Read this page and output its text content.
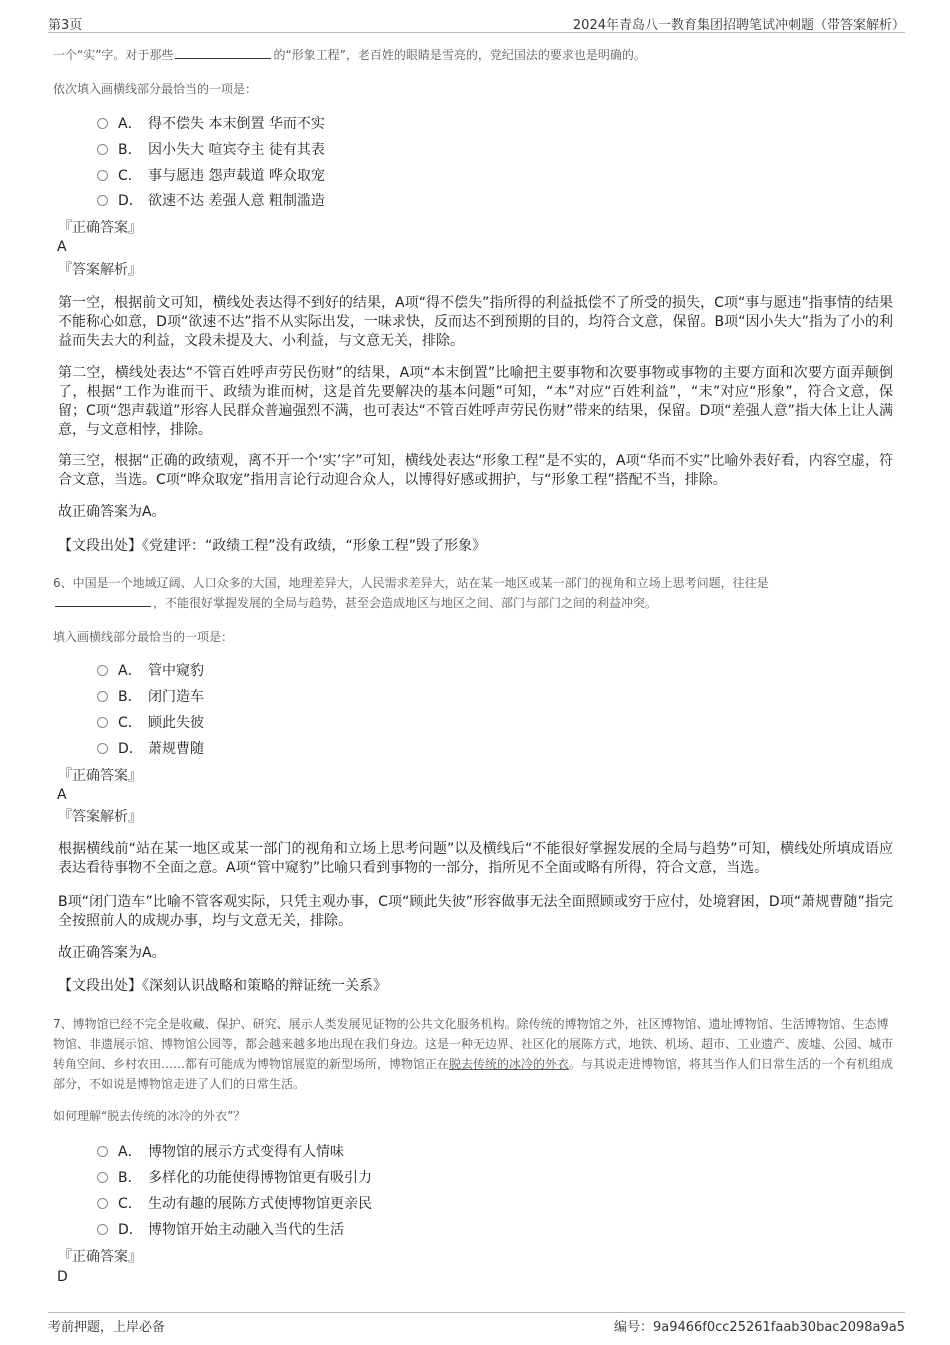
第3页	2024年青岛八一教育集团招聘笔试冲刺题（带答案解析）
一个“实”字。对于那些	的“形象工程”，老百姓的眼睛是雪亮的，党纪国法的要求也是明确的。
依次填入画横线部分最恰当的一项是：
A． 得不偿失 本末倒置 华而不实
B． 因小失大 喧宾夺主 徒有其表
C． 事与愿违 怨声载道 哗众取宠
D． 欲速不达 差强人意 粗制滥造
『正确答案』
A
『答案解析』
第一空，根据前文可知，横线处表达得不到好的结果，A项“得不偿失”指所得的利益抵偿不了所受的损失，C项“事与愿违”指事情的结果不能称心如意，D项“欲速不达”指不从实际出发，一味求快，反而达不到预期的目的，均符合文意，保留。B项“因小失大”指为了小的利益而失去大的利益，文段未提及大、小利益，与文意无关，排除。
第二空，横线处表达“不管百姓呼声劳民伤财”的结果，A项“本末倒置”比喻把主要事物和次要事物或事物的主要方面和次要方面弄颠倒了，根据“工作为谁而干、政绩为谁而树，这是首先要解决的基本问题”可知，“本”对应“百姓利益”，“末”对应“形象”，符合文意，保留；C项“怨声载道”形容人民群众普遍强烈不满，也可表达“不管百姓呼声劳民伤财”带来的结果，保留。D项“差强人意”指大体上让人满意，与文意相悖，排除。
第三空，根据“正确的政绩观，离不开一个‘实’字”可知，横线处表达“形象工程”是不实的，A项“华而不实”比喻外表好看，内容空虚，符合文意，当选。C项“哗众取宠”指用言论行动迎合众人，以博得好感或拥护，与“形象工程”搭配不当，排除。
故正确答案为A。
【文段出处】《党建评：“政绩工程”没有政绩，“形象工程”毁了形象》
6、中国是一个地域辽阔、人口众多的大国，地理差异大，人民需求差异大，站在某一地区或某一部门的视角和立场上思考问题，往往是
，不能很好掌握发展的全局与趋势，甚至会造成地区与地区之间、部门与部门之间的利益冲突。
填入画横线部分最恰当的一项是：
A． 管中窥豹
B． 闭门造车
C． 顾此失彼
D． 萧规曹随
『正确答案』
A
『答案解析』
根据横线前“站在某一地区或某一部门的视角和立场上思考问题”以及横线后“不能很好掌握发展的全局与趋势”可知，横线处所填成语应表达看待事物不全面之意。A项“管中窥豹”比喻只看到事物的一部分，指所见不全面或略有所得，符合文意，当选。
B项“闭门造车”比喻不管客观实际，只凭主观办事，C项“顾此失彼”形容做事无法全面照顾或穷于应付，处境窘困，D项“萧规曹随”指完全按照前人的成规办事，均与文意无关，排除。
故正确答案为A。
【文段出处】《深刻认识战略和策略的辩证统一关系》
7、博物馆已经不完全是收藏、保护、研究、展示人类发展见证物的公共文化服务机构。除传统的博物馆之外，社区博物馆、遗址博物馆、生活博物馆、生态博物馆、非遗展示馆、博物馆公园等，都会越来越多地出现在我们身边。这是一种无边界、社区化的展陈方式，地铁、机场、超市、工业遗产、废墟、公园、城市转角空间、乡村农田……都有可能成为博物馆展览的新型场所，博物馆正在脱去传统的冰冷的外衣。与其说走进博物馆，将其当作人们日常生活的一个有机组成部分，不如说是博物馆走进了人们的日常生活。
如何理解“脱去传统的冰冷的外衣”？
A． 博物馆的展示方式变得有人情味
B． 多样化的功能使得博物馆更有吸引力
C． 生动有趣的展陈方式使博物馆更亲民
D． 博物馆开始主动融入当代的生活
『正确答案』
D
考前押题，上岸必备	编号：9a9466f0cc25261faab30bac2098a9a5
